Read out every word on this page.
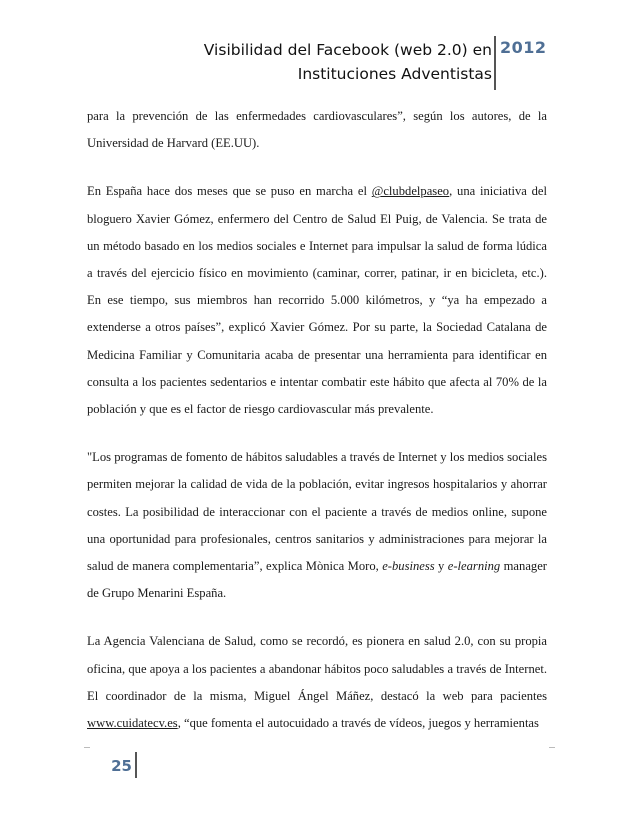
Visibilidad del Facebook (web 2.0) en
Instituciones Adventistas
2012

para la prevención de las enfermedades cardiovasculares”, según los autores, de la Universidad de Harvard (EE.UU).

En España hace dos meses que se puso en marcha el @clubdelpaseo, una iniciativa del bloguero Xavier Gómez, enfermero del Centro de Salud El Puig, de Valencia. Se trata de un método basado en los medios sociales e Internet para impulsar la salud de forma lúdica a través del ejercicio físico en movimiento (caminar, correr, patinar, ir en bicicleta, etc.). En ese tiempo, sus miembros han recorrido 5.000 kilómetros, y “ya ha empezado a extenderse a otros países”, explicó Xavier Gómez. Por su parte, la Sociedad Catalana de Medicina Familiar y Comunitaria acaba de presentar una herramienta para identificar en consulta a los pacientes sedentarios e intentar combatir este hábito que afecta al 70% de la población y que es el factor de riesgo cardiovascular más prevalente.

"Los programas de fomento de hábitos saludables a través de Internet y los medios sociales permiten mejorar la calidad de vida de la población, evitar ingresos hospitalarios y ahorrar costes. La posibilidad de interaccionar con el paciente a través de medios online, supone una oportunidad para profesionales, centros sanitarios y administraciones para mejorar la salud de manera complementaria”, explica Mònica Moro, e-business y e-learning manager de Grupo Menarini España.

La Agencia Valenciana de Salud, como se recordó, es pionera en salud 2.0, con su propia oficina, que apoya a los pacientes a abandonar hábitos poco saludables a través de Internet. El coordinador de la misma, Miguel Ángel Máñez, destacó la web para pacientes www.cuidatecv.es, “que fomenta el autocuidado a través de vídeos, juegos y herramientas

25
